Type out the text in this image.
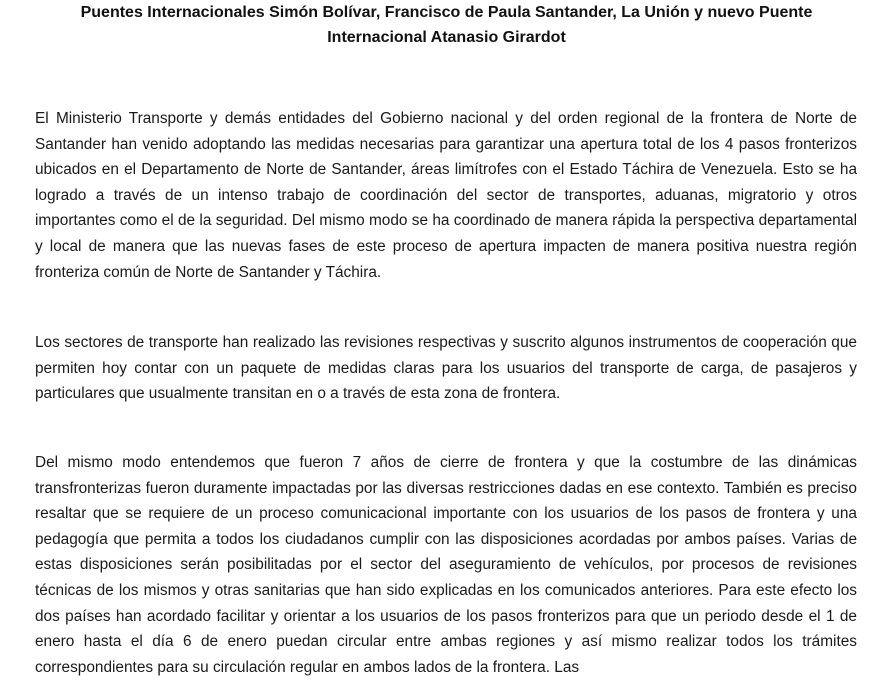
Puentes Internacionales Simón Bolívar, Francisco de Paula Santander, La Unión y nuevo Puente Internacional Atanasio Girardot

El Ministerio Transporte y demás entidades del Gobierno nacional y del orden regional de la frontera de Norte de Santander han venido adoptando las medidas necesarias para garantizar una apertura total de los 4 pasos fronterizos ubicados en el Departamento de Norte de Santander, áreas limítrofes con el Estado Táchira de Venezuela. Esto se ha logrado a través de un intenso trabajo de coordinación del sector de transportes, aduanas, migratorio y otros importantes como el de la seguridad. Del mismo modo se ha coordinado de manera rápida la perspectiva departamental y local de manera que las nuevas fases de este proceso de apertura impacten de manera positiva nuestra región fronteriza común de Norte de Santander y Táchira.

Los sectores de transporte han realizado las revisiones respectivas y suscrito algunos instrumentos de cooperación que permiten hoy contar con un paquete de medidas claras para los usuarios del transporte de carga, de pasajeros y particulares que usualmente transitan en o a través de esta zona de frontera.

Del mismo modo entendemos que fueron 7 años de cierre de frontera y que la costumbre de las dinámicas transfronterizas fueron duramente impactadas por las diversas restricciones dadas en ese contexto. También es preciso resaltar que se requiere de un proceso comunicacional importante con los usuarios de los pasos de frontera y una pedagogía que permita a todos los ciudadanos cumplir con las disposiciones acordadas por ambos países. Varias de estas disposiciones serán posibilitadas por el sector del aseguramiento de vehículos, por procesos de revisiones técnicas de los mismos y otras sanitarias que han sido explicadas en los comunicados anteriores. Para este efecto los dos países han acordado facilitar y orientar a los usuarios de los pasos fronterizos para que un periodo desde el 1 de enero hasta el día 6 de enero puedan circular entre ambas regiones y así mismo realizar todos los trámites correspondientes para su circulación regular en ambos lados de la frontera. Las
